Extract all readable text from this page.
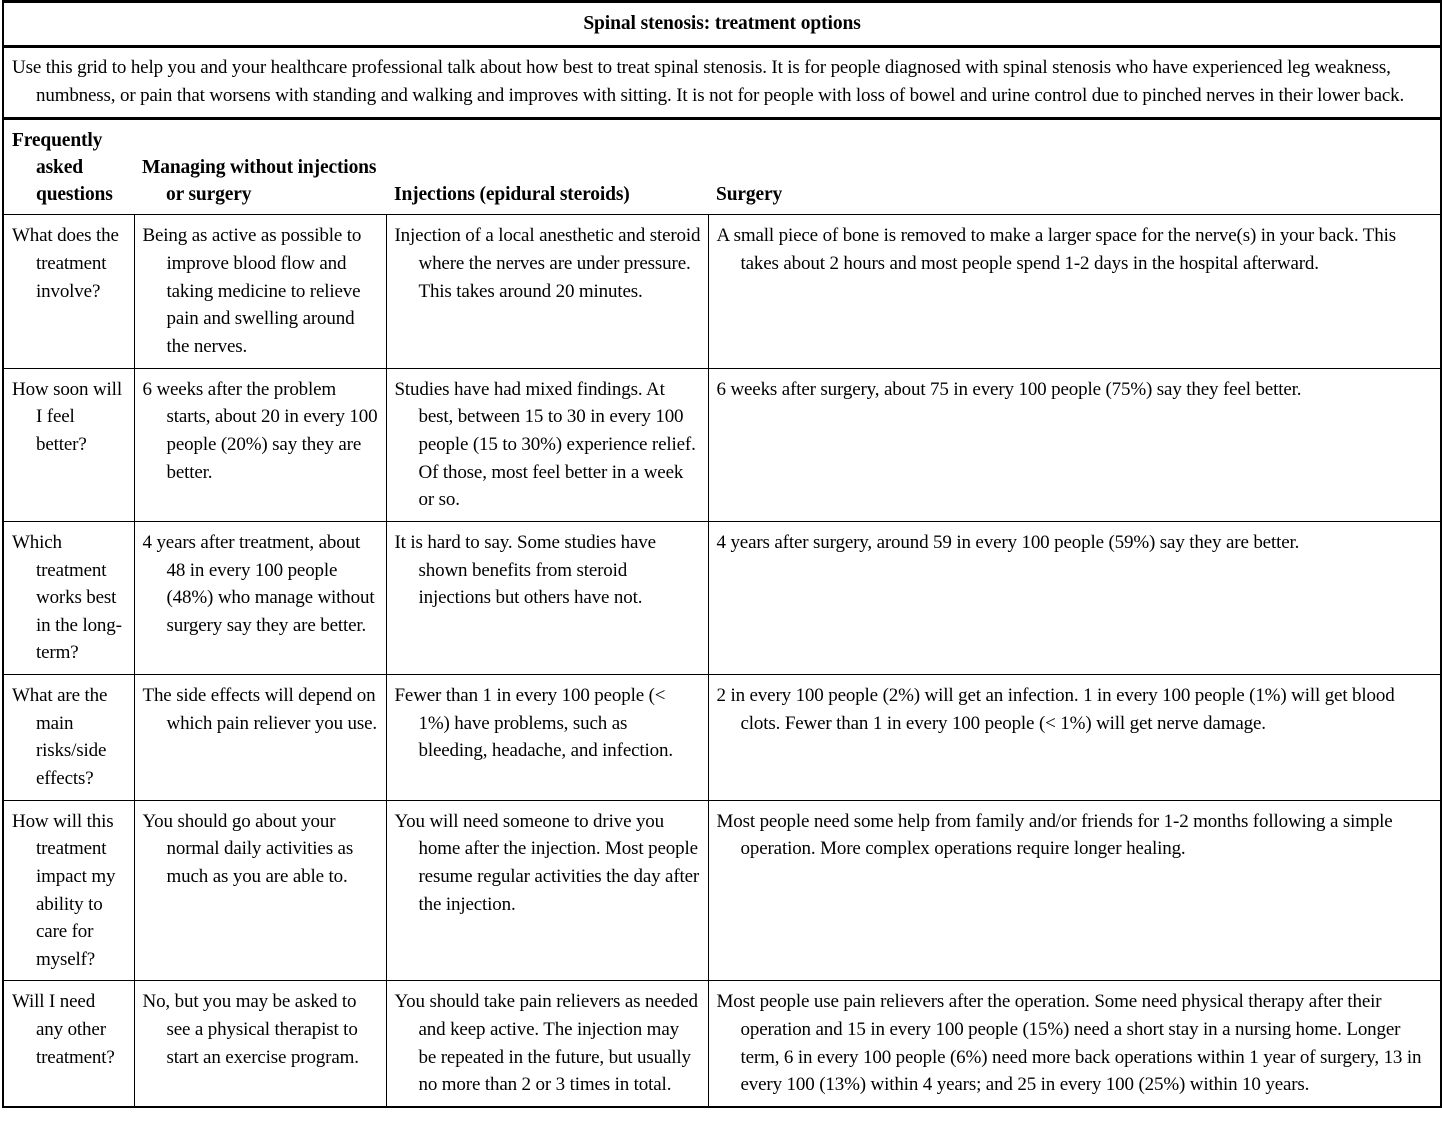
Spinal stenosis: treatment options			

Use this grid to help you and your healthcare professional talk about how best to treat spinal stenosis. It is for people diagnosed with spinal stenosis who have experienced leg weakness, numbness, or pain that worsens with standing and walking and improves with sitting. It is not for people with loss of bowel and urine control due to pinched nerves in their lower back.			

Frequently asked questions	Managing without injections or surgery	Injections (epidural steroids)	Surgery

What does the treatment involve?	Being as active as possible to improve blood flow and taking medicine to relieve pain and swelling around the nerves.	Injection of a local anesthetic and steroid where the nerves are under pressure. This takes around 20 minutes.	A small piece of bone is removed to make a larger space for the nerve(s) in your back. This takes about 2 hours and most people spend 1-2 days in the hospital afterward.

How soon will I feel better?	6 weeks after the problem starts, about 20 in every 100 people (20%) say they are better.	Studies have had mixed findings. At best, between 15 to 30 in every 100 people (15 to 30%) experience relief. Of those, most feel better in a week or so.	6 weeks after surgery, about 75 in every 100 people (75%) say they feel better.

Which treatment works best in the long-term?	4 years after treatment, about 48 in every 100 people (48%) who manage without surgery say they are better.	It is hard to say. Some studies have shown benefits from steroid injections but others have not.	4 years after surgery, around 59 in every 100 people (59%) say they are better.

What are the main risks/side effects?	The side effects will depend on which pain reliever you use.	Fewer than 1 in every 100 people (< 1%) have problems, such as bleeding, headache, and infection.	2 in every 100 people (2%) will get an infection. 1 in every 100 people (1%) will get blood clots. Fewer than 1 in every 100 people (< 1%) will get nerve damage.

How will this treatment impact my ability to care for myself?	You should go about your normal daily activities as much as you are able to.	You will need someone to drive you home after the injection. Most people resume regular activities the day after the injection.	Most people need some help from family and/or friends for 1-2 months following a simple operation. More complex operations require longer healing.

Will I need any other treatment?	No, but you may be asked to see a physical therapist to start an exercise program.	You should take pain relievers as needed and keep active. The injection may be repeated in the future, but usually no more than 2 or 3 times in total.	Most people use pain relievers after the operation. Some need physical therapy after their operation and 15 in every 100 people (15%) need a short stay in a nursing home. Longer term, 6 in every 100 people (6%) need more back operations within 1 year of surgery, 13 in every 100 (13%) within 4 years; and 25 in every 100 (25%) within 10 years.
